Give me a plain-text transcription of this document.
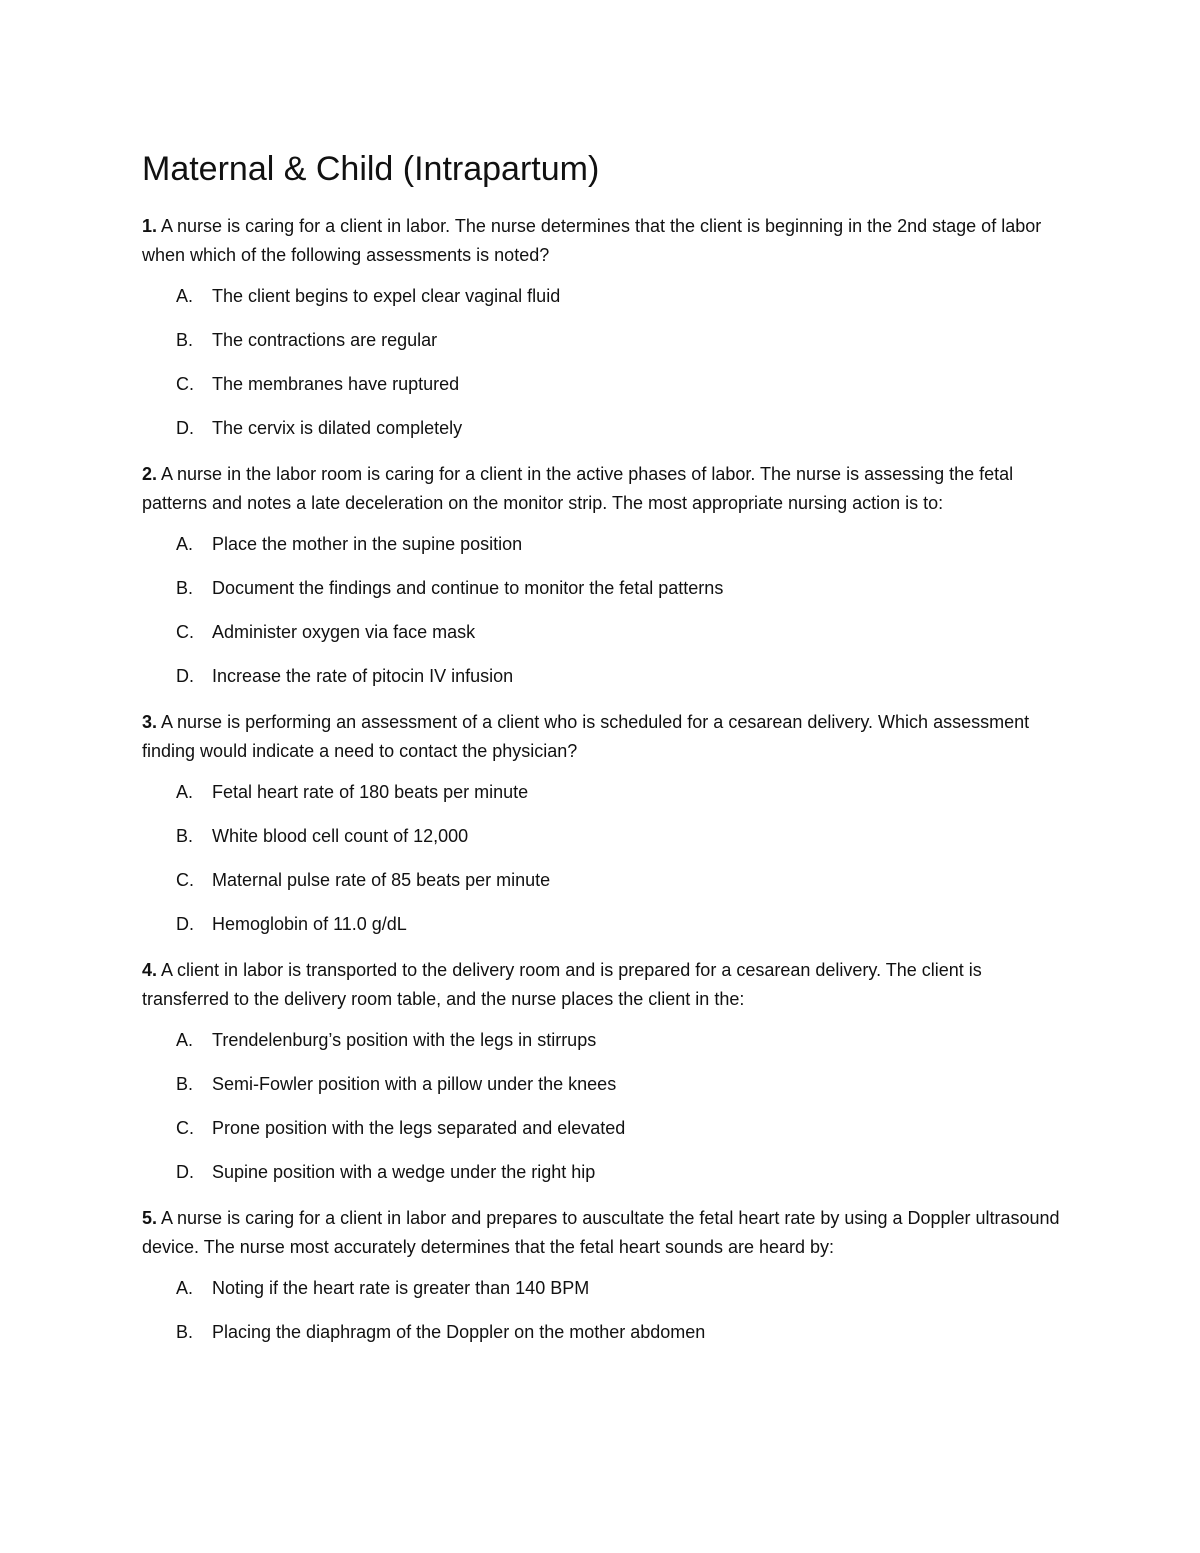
Maternal & Child (Intrapartum)

1. A nurse is caring for a client in labor. The nurse determines that the client is beginning in the 2nd stage of labor when which of the following assessments is noted?

A.	The client begins to expel clear vaginal fluid
B.	The contractions are regular
C.	The membranes have ruptured
D.	The cervix is dilated completely

2. A nurse in the labor room is caring for a client in the active phases of labor. The nurse is assessing the fetal patterns and notes a late deceleration on the monitor strip. The most appropriate nursing action is to:

A.	Place the mother in the supine position
B.	Document the findings and continue to monitor the fetal patterns
C.	Administer oxygen via face mask
D.	Increase the rate of pitocin IV infusion

3. A nurse is performing an assessment of a client who is scheduled for a cesarean delivery. Which assessment finding would indicate a need to contact the physician?

A.	Fetal heart rate of 180 beats per minute
B.	White blood cell count of 12,000
C.	Maternal pulse rate of 85 beats per minute
D.	Hemoglobin of 11.0 g/dL

4. A client in labor is transported to the delivery room and is prepared for a cesarean delivery. The client is transferred to the delivery room table, and the nurse places the client in the:

A.	Trendelenburg’s position with the legs in stirrups
B.	Semi-Fowler position with a pillow under the knees
C.	Prone position with the legs separated and elevated
D.	Supine position with a wedge under the right hip

5. A nurse is caring for a client in labor and prepares to auscultate the fetal heart rate by using a Doppler ultrasound device. The nurse most accurately determines that the fetal heart sounds are heard by:

A.	Noting if the heart rate is greater than 140 BPM
B.	Placing the diaphragm of the Doppler on the mother abdomen
